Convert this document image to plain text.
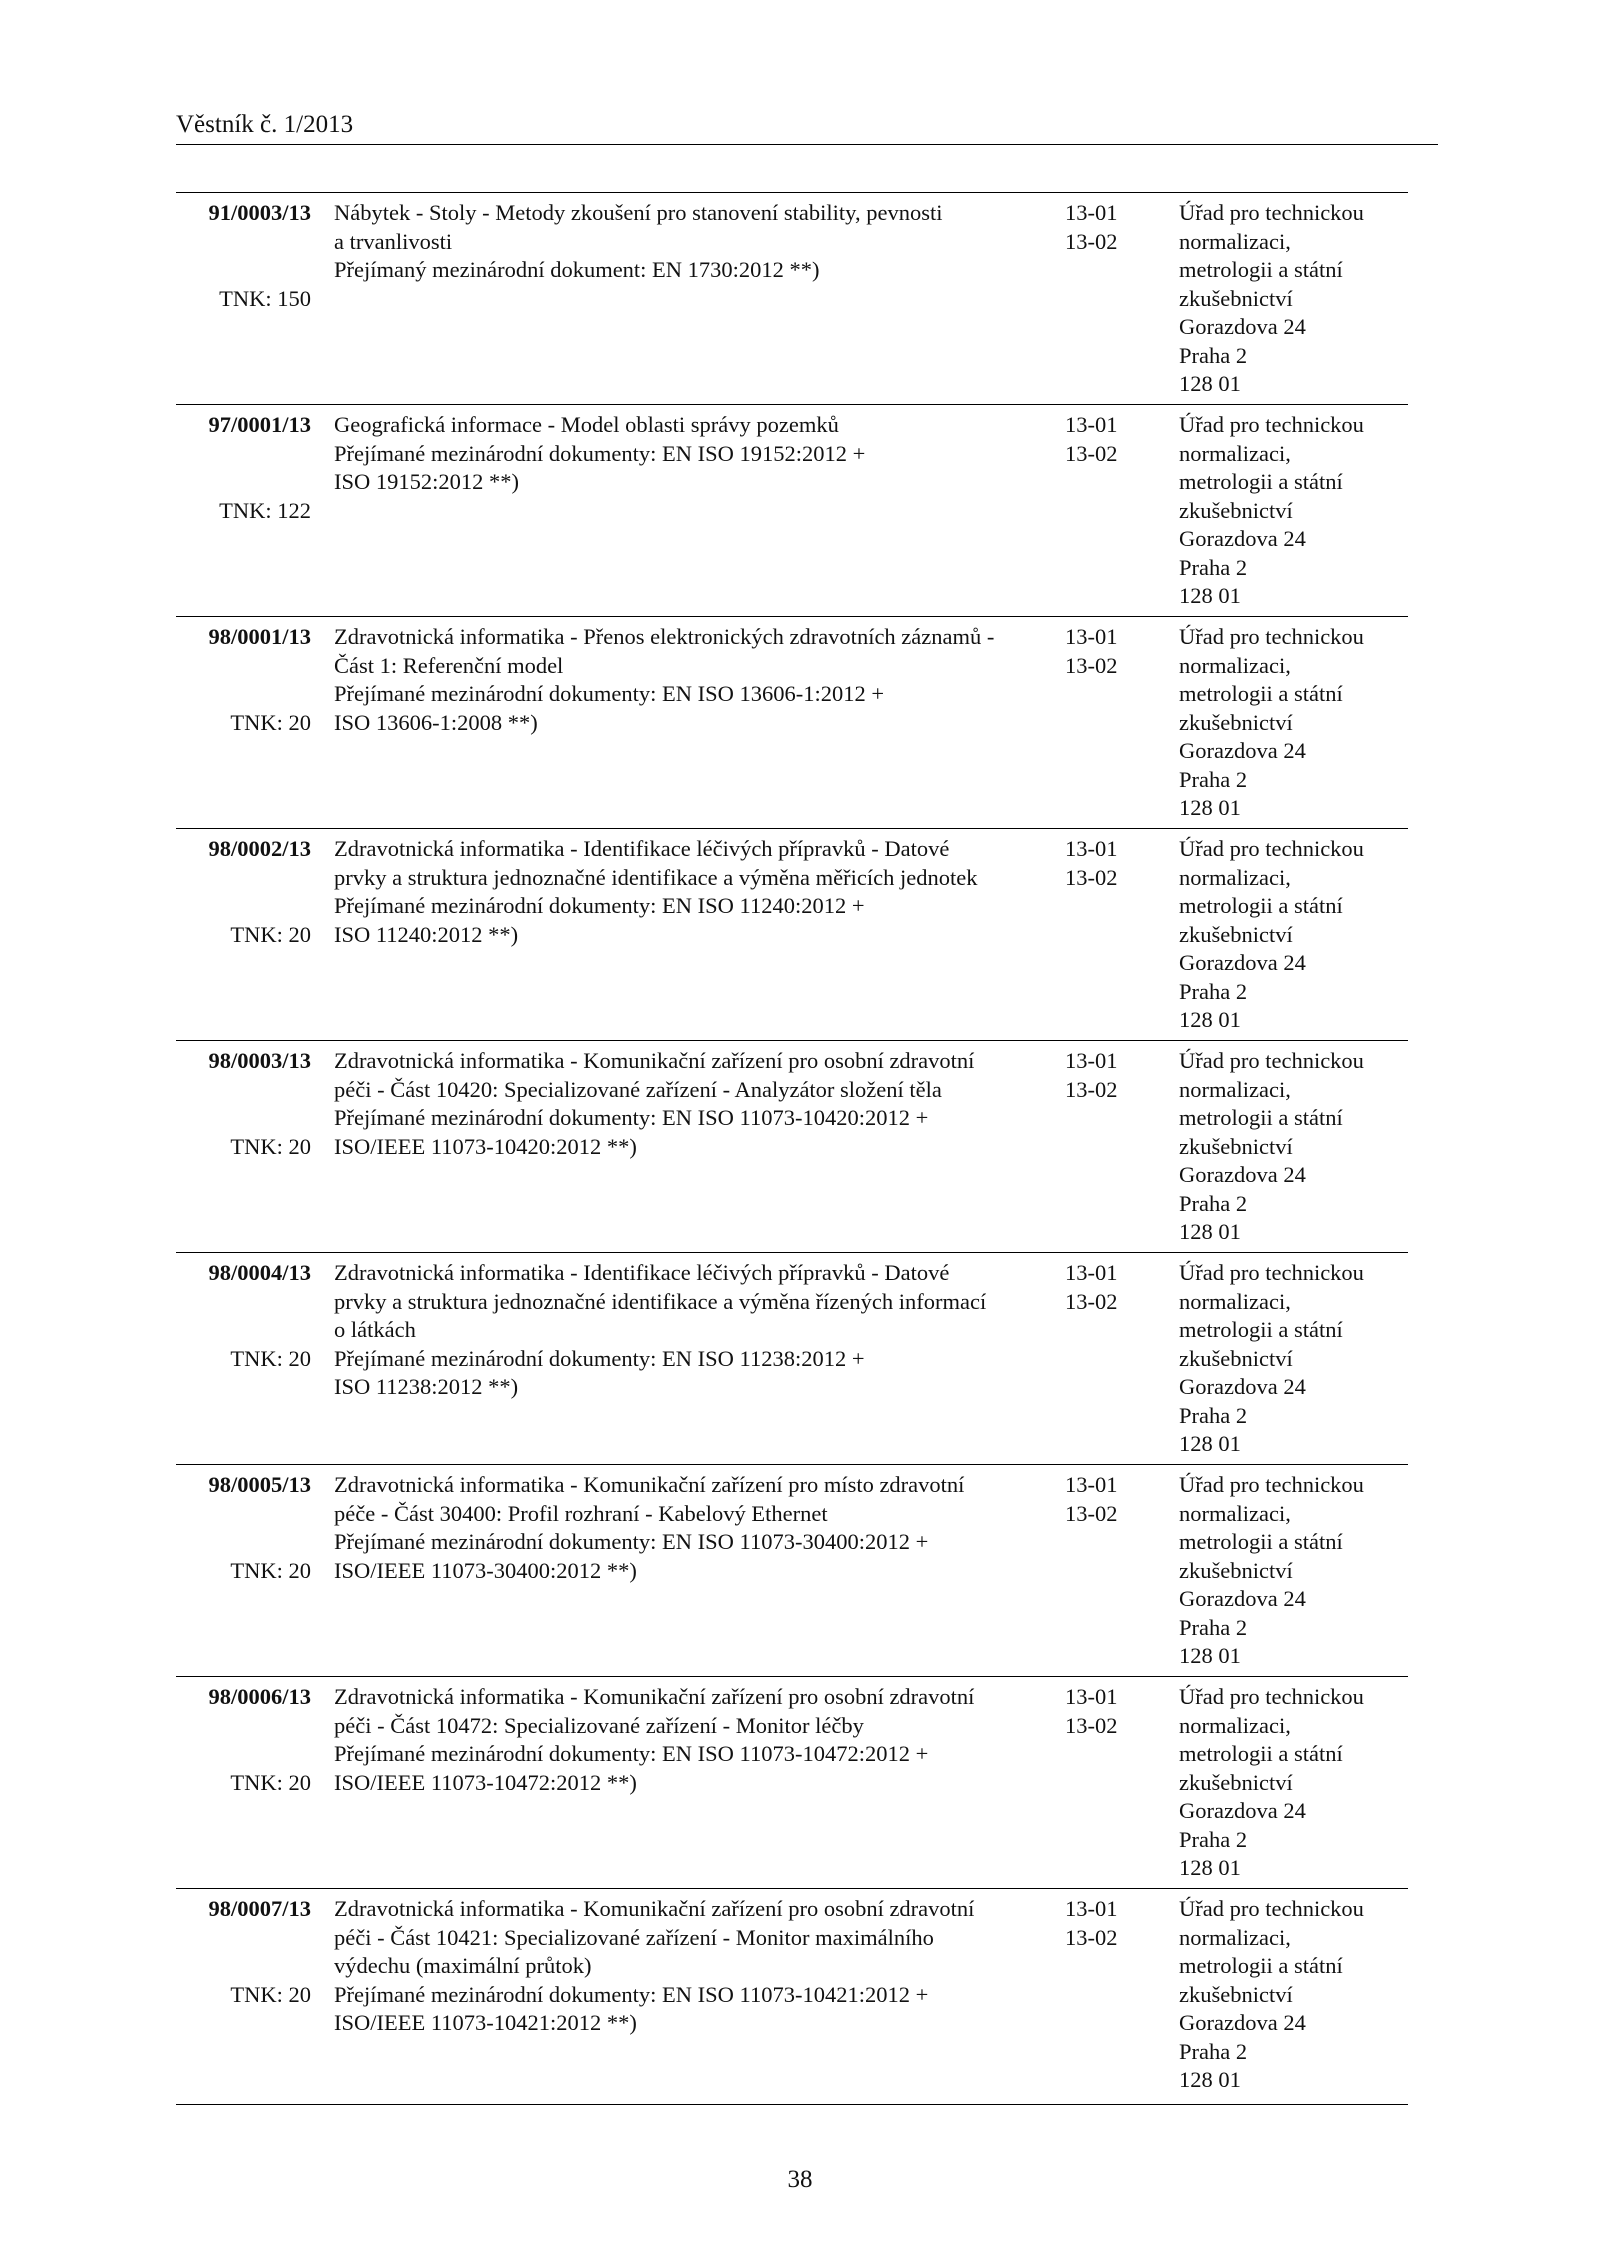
Věstník č. 1/2013
91/0003/13
TNK: 150
Nábytek - Stoly - Metody zkoušení pro stanovení stability, pevnosti
a trvanlivosti
Přejímaný mezinárodní dokument: EN 1730:2012 **)
13-01
13-02
Úřad pro technickou
normalizaci,
metrologii a státní
zkušebnictví
Gorazdova 24
Praha 2
128 01
97/0001/13
TNK: 122
Geografická informace - Model oblasti správy pozemků
Přejímané mezinárodní dokumenty: EN ISO 19152:2012 +
ISO 19152:2012 **)
13-01
13-02
Úřad pro technickou
normalizaci,
metrologii a státní
zkušebnictví
Gorazdova 24
Praha 2
128 01
98/0001/13
TNK: 20
Zdravotnická informatika - Přenos elektronických zdravotních záznamů -
Část 1: Referenční model
Přejímané mezinárodní dokumenty: EN ISO 13606-1:2012 +
ISO 13606-1:2008 **)
13-01
13-02
Úřad pro technickou
normalizaci,
metrologii a státní
zkušebnictví
Gorazdova 24
Praha 2
128 01
98/0002/13
TNK: 20
Zdravotnická informatika - Identifikace léčivých přípravků - Datové
prvky a struktura jednoznačné identifikace a výměna měřicích jednotek
Přejímané mezinárodní dokumenty: EN ISO 11240:2012 +
ISO 11240:2012 **)
13-01
13-02
Úřad pro technickou
normalizaci,
metrologii a státní
zkušebnictví
Gorazdova 24
Praha 2
128 01
98/0003/13
TNK: 20
Zdravotnická informatika - Komunikační zařízení pro osobní zdravotní
péči - Část 10420: Specializované zařízení - Analyzátor složení těla
Přejímané mezinárodní dokumenty: EN ISO 11073-10420:2012 +
ISO/IEEE 11073-10420:2012 **)
13-01
13-02
Úřad pro technickou
normalizaci,
metrologii a státní
zkušebnictví
Gorazdova 24
Praha 2
128 01
98/0004/13
TNK: 20
Zdravotnická informatika - Identifikace léčivých přípravků - Datové
prvky a struktura jednoznačné identifikace a výměna řízených informací
o látkách
Přejímané mezinárodní dokumenty: EN ISO 11238:2012 +
ISO 11238:2012 **)
13-01
13-02
Úřad pro technickou
normalizaci,
metrologii a státní
zkušebnictví
Gorazdova 24
Praha 2
128 01
98/0005/13
TNK: 20
Zdravotnická informatika - Komunikační zařízení pro místo zdravotní
péče - Část 30400: Profil rozhraní - Kabelový Ethernet
Přejímané mezinárodní dokumenty: EN ISO 11073-30400:2012 +
ISO/IEEE 11073-30400:2012 **)
13-01
13-02
Úřad pro technickou
normalizaci,
metrologii a státní
zkušebnictví
Gorazdova 24
Praha 2
128 01
98/0006/13
TNK: 20
Zdravotnická informatika - Komunikační zařízení pro osobní zdravotní
péči - Část 10472: Specializované zařízení - Monitor léčby
Přejímané mezinárodní dokumenty: EN ISO 11073-10472:2012 +
ISO/IEEE 11073-10472:2012 **)
13-01
13-02
Úřad pro technickou
normalizaci,
metrologii a státní
zkušebnictví
Gorazdova 24
Praha 2
128 01
98/0007/13
TNK: 20
Zdravotnická informatika - Komunikační zařízení pro osobní zdravotní
péči - Část 10421: Specializované zařízení - Monitor maximálního
výdechu (maximální průtok)
Přejímané mezinárodní dokumenty: EN ISO 11073-10421:2012 +
ISO/IEEE 11073-10421:2012 **)
13-01
13-02
Úřad pro technickou
normalizaci,
metrologii a státní
zkušebnictví
Gorazdova 24
Praha 2
128 01
38
